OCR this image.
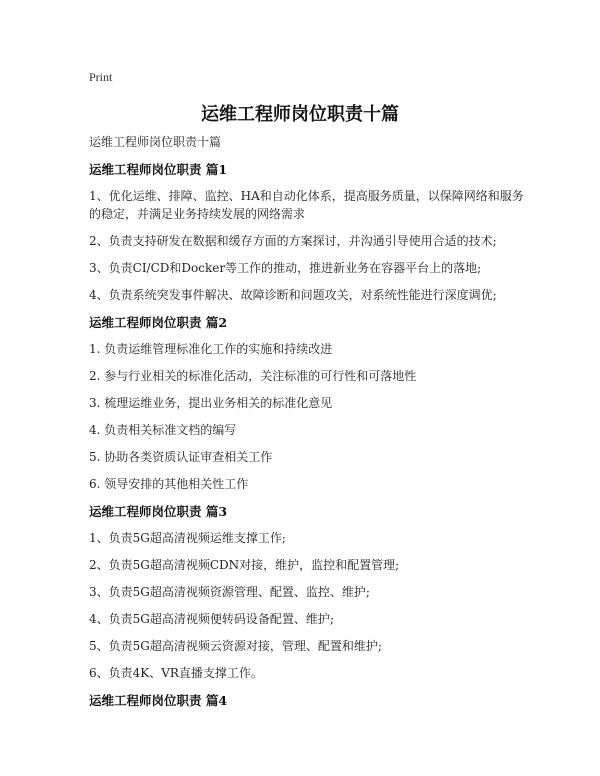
Print
运维工程师岗位职责十篇
运维工程师岗位职责十篇
运维工程师岗位职责 篇1

1、优化运维、排障、监控、HA和自动化体系，提高服务质量，以保障网络和服务的稳定，并满足业务持续发展的网络需求

2、负责支持研发在数据和缓存方面的方案探讨，并沟通引导使用合适的技术;

3、负责CI/CD和Docker等工作的推动，推进新业务在容器平台上的落地;

4、负责系统突发事件解决、故障诊断和问题攻关，对系统性能进行深度调优;

运维工程师岗位职责 篇2

1. 负责运维管理标准化工作的实施和持续改进

2. 参与行业相关的标准化活动，关注标准的可行性和可落地性

3. 梳理运维业务，提出业务相关的标准化意见

4. 负责相关标准文档的编写

5. 协助各类资质认证审查相关工作

6. 领导安排的其他相关性工作

运维工程师岗位职责 篇3

1、负责5G超高清视频运维支撑工作;

2、负责5G超高清视频CDN对接，维护，监控和配置管理;

3、负责5G超高清视频资源管理、配置、监控、维护;

4、负责5G超高清视频便转码设备配置、维护;

5、负责5G超高清视频云资源对接，管理、配置和维护;

6、负责4K、VR直播支撑工作。

运维工程师岗位职责 篇4
